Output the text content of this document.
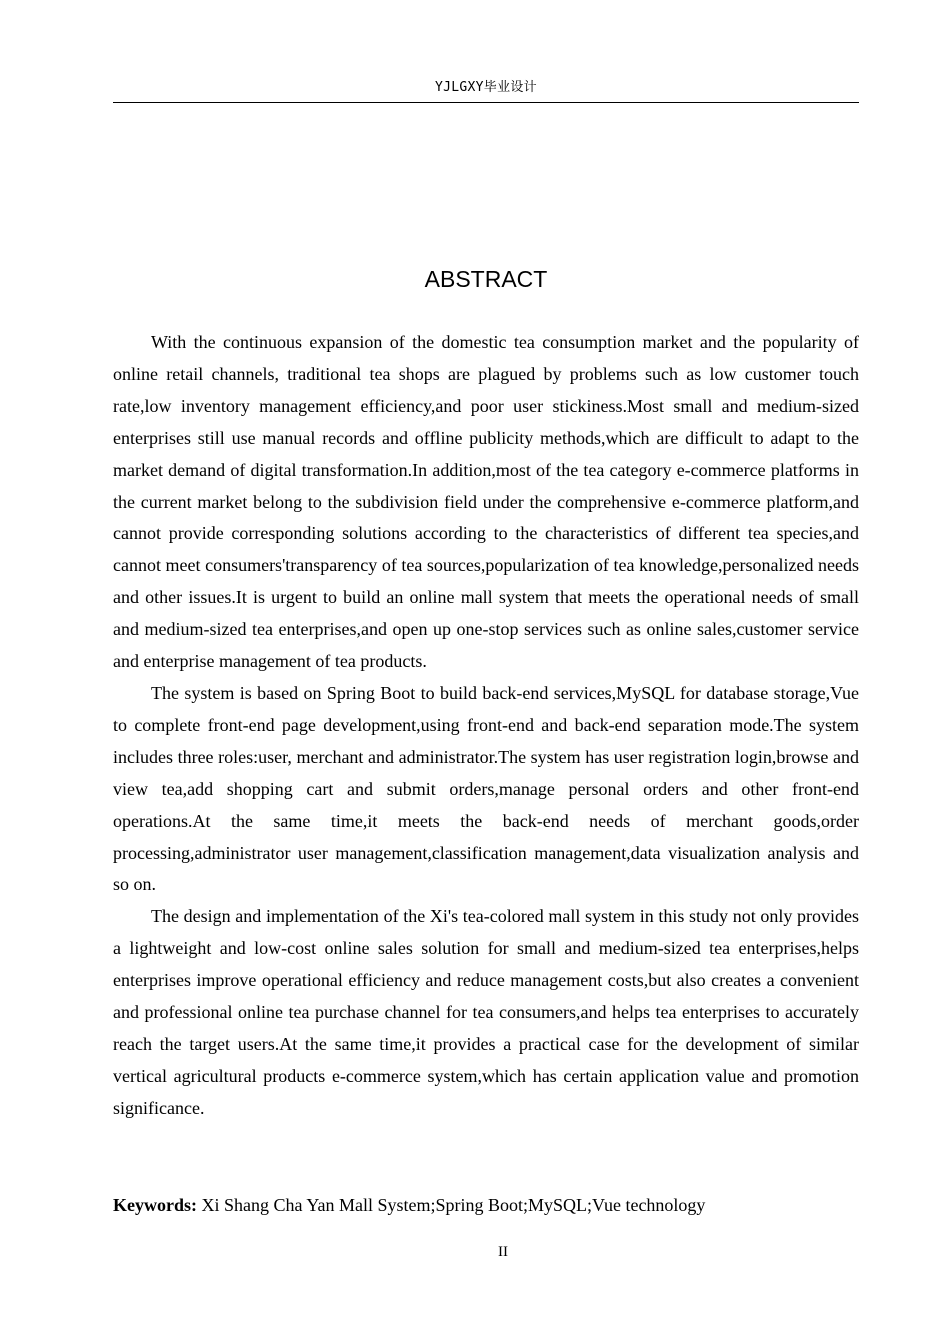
YJLGXY毕业设计
ABSTRACT

With the continuous expansion of the domestic tea consumption market and the popularity of online retail channels, traditional tea shops are plagued by problems such as low customer touch rate,low inventory management efficiency,and poor user stickiness.Most small and medium-sized enterprises still use manual records and offline publicity methods,which are difficult to adapt to the market demand of digital transformation.In addition,most of the tea category e-commerce platforms in the current market belong to the subdivision field under the comprehensive e-commerce platform,and cannot provide corresponding solutions according to the characteristics of different tea species,and cannot meet consumers'transparency of tea sources,popularization of tea knowledge,personalized needs and other issues.It is urgent to build an online mall system that meets the operational needs of small and medium-sized tea enterprises,and open up one-stop services such as online sales,customer service and enterprise management of tea products.

The system is based on Spring Boot to build back-end services,MySQL for database storage,Vue to complete front-end page development,using front-end and back-end separation mode.The system includes three roles:user, merchant and administrator.The system has user registration login,browse and view tea,add shopping cart and submit orders,manage personal orders and other front-end operations.At the same time,it meets the back-end needs of merchant goods,order processing,administrator user management,classification management,data visualization analysis and so on.

The design and implementation of the Xi's tea-colored mall system in this study not only provides a lightweight and low-cost online sales solution for small and medium-sized tea enterprises,helps enterprises improve operational efficiency and reduce management costs,but also creates a convenient and professional online tea purchase channel for tea consumers,and helps tea enterprises to accurately reach the target users.At the same time,it provides a practical case for the development of similar vertical agricultural products e-commerce system,which has certain application value and promotion significance.

Keywords: Xi Shang Cha Yan Mall System;Spring Boot;MySQL;Vue technology
II
